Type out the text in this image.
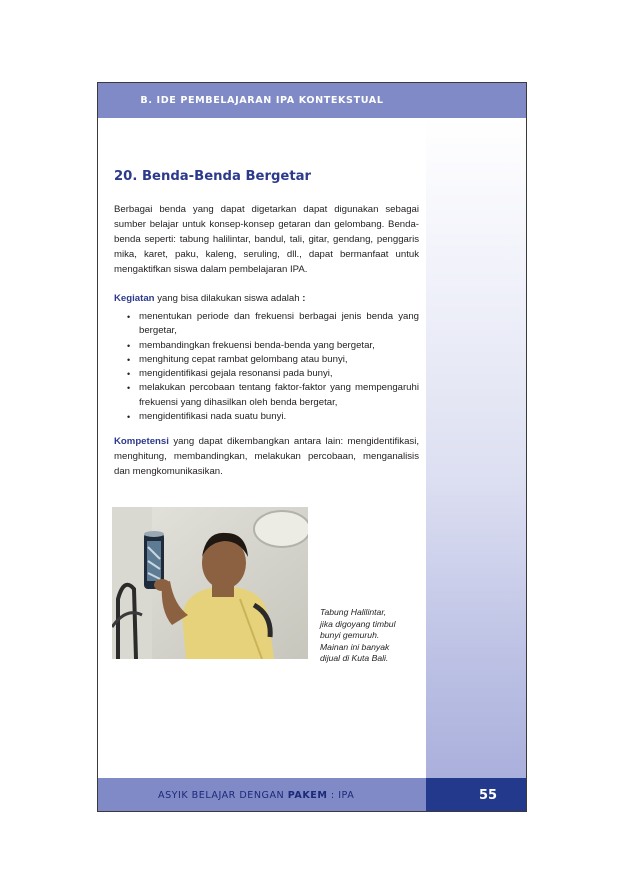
B. IDE PEMBELAJARAN IPA KONTEKSTUAL
20. Benda-Benda Bergetar

Berbagai benda yang dapat digetarkan dapat digunakan sebagai sumber belajar untuk konsep-konsep getaran dan gelombang. Benda-benda seperti: tabung halilintar, bandul, tali, gitar, gendang, penggaris mika, karet, paku, kaleng, seruling, dll., dapat bermanfaat untuk mengaktifkan siswa dalam pembelajaran IPA.

Kegiatan yang bisa dilakukan siswa adalah :

• menentukan periode dan frekuensi berbagai jenis benda yang bergetar,
• membandingkan frekuensi benda-benda yang bergetar,
• menghitung cepat rambat gelombang atau bunyi,
• mengidentifikasi gejala resonansi pada bunyi,
• melakukan percobaan tentang faktor-faktor yang mempengaruhi frekuensi yang dihasilkan oleh benda bergetar,
• mengidentifikasi nada suatu bunyi.

Kompetensi yang dapat dikembangkan antara lain: mengidentifikasi, menghitung, membandingkan, melakukan percobaan, menganalisis dan mengkomunikasikan.

Tabung Halilintar,
jika digoyang timbul
bunyi gemuruh.
Mainan ini banyak
dijual di Kuta Bali.
ASYIK BELAJAR DENGAN PAKEM : IPA	55
